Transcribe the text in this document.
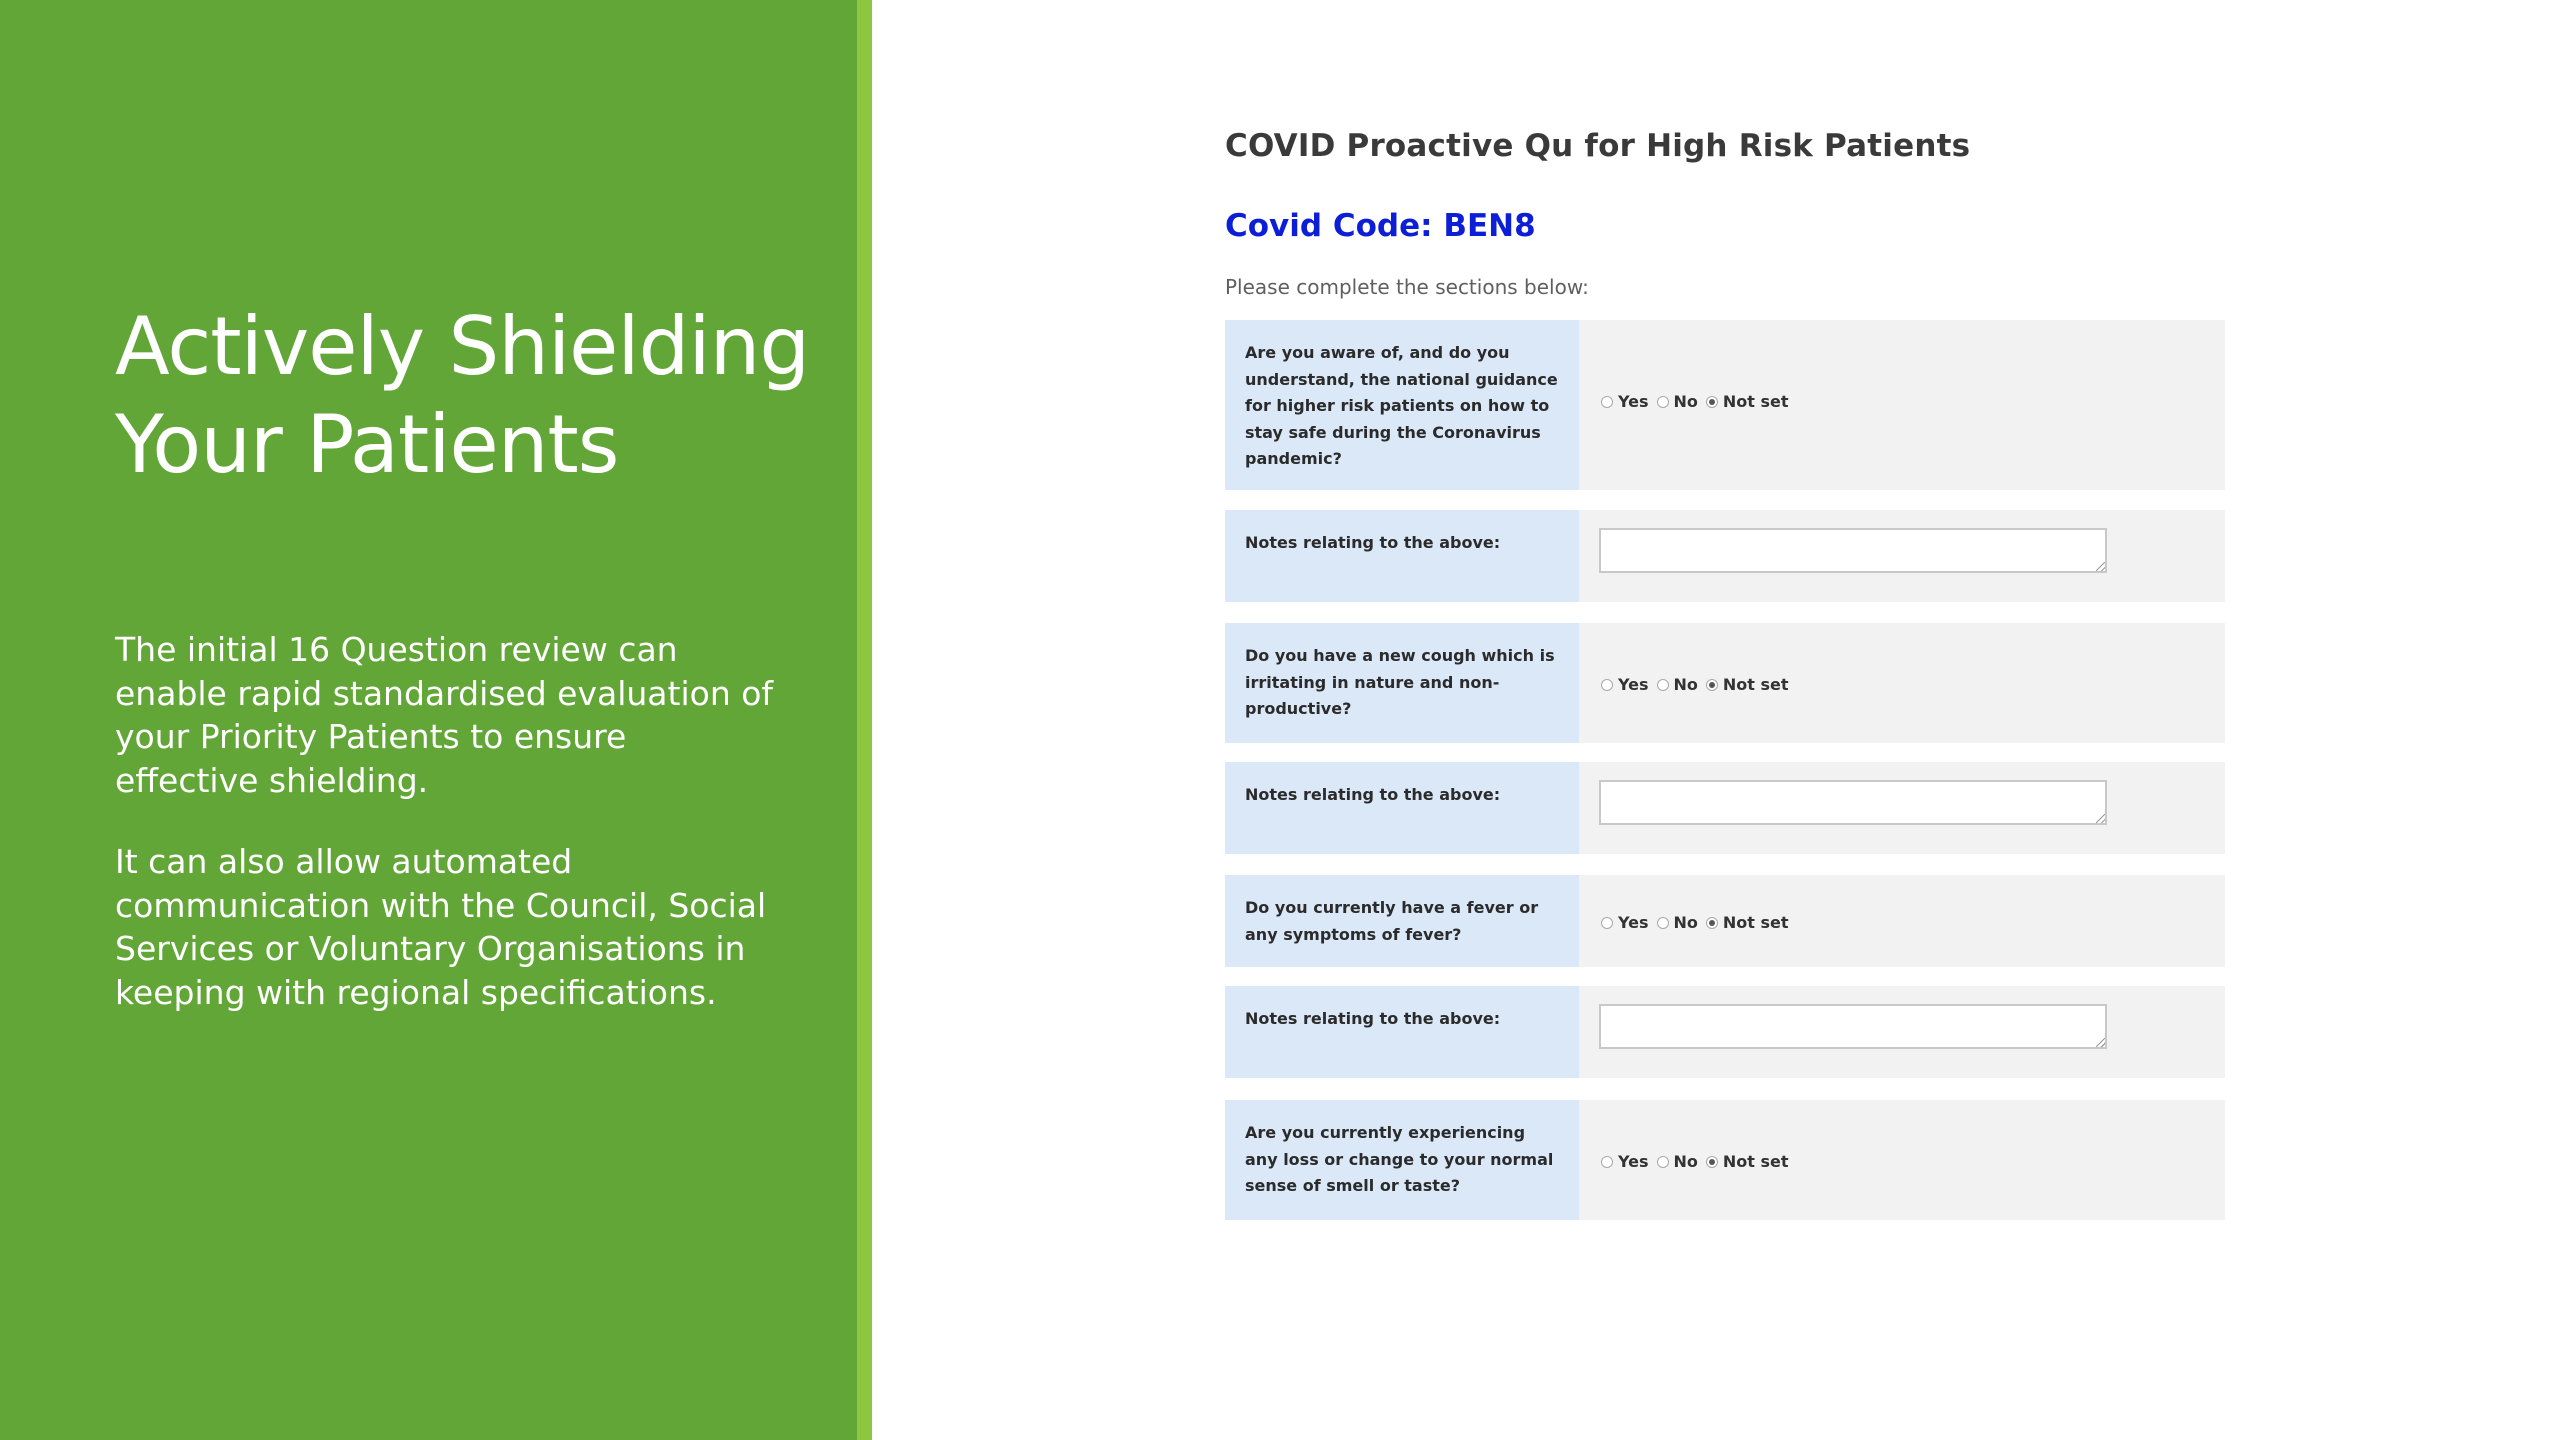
Actively Shielding Your Patients

The initial 16 Question review can enable rapid standardised evaluation of your Priority Patients to ensure effective shielding.

It can also allow automated communication with the Council, Social Services or Voluntary Organisations in keeping with regional specifications.

COVID Proactive Qu for High Risk Patients
Covid Code: BEN8

Please complete the sections below:

Are you aware of, and do you understand, the national guidance for higher risk patients on how to stay safe during the Coronavirus pandemic?
Yes No Not set
Notes relating to the above:
Do you have a new cough which is irritating in nature and non-productive?
Yes No Not set
Notes relating to the above:
Do you currently have a fever or any symptoms of fever?
Yes No Not set
Notes relating to the above:
Are you currently experiencing any loss or change to your normal sense of smell or taste?
Yes No Not set
